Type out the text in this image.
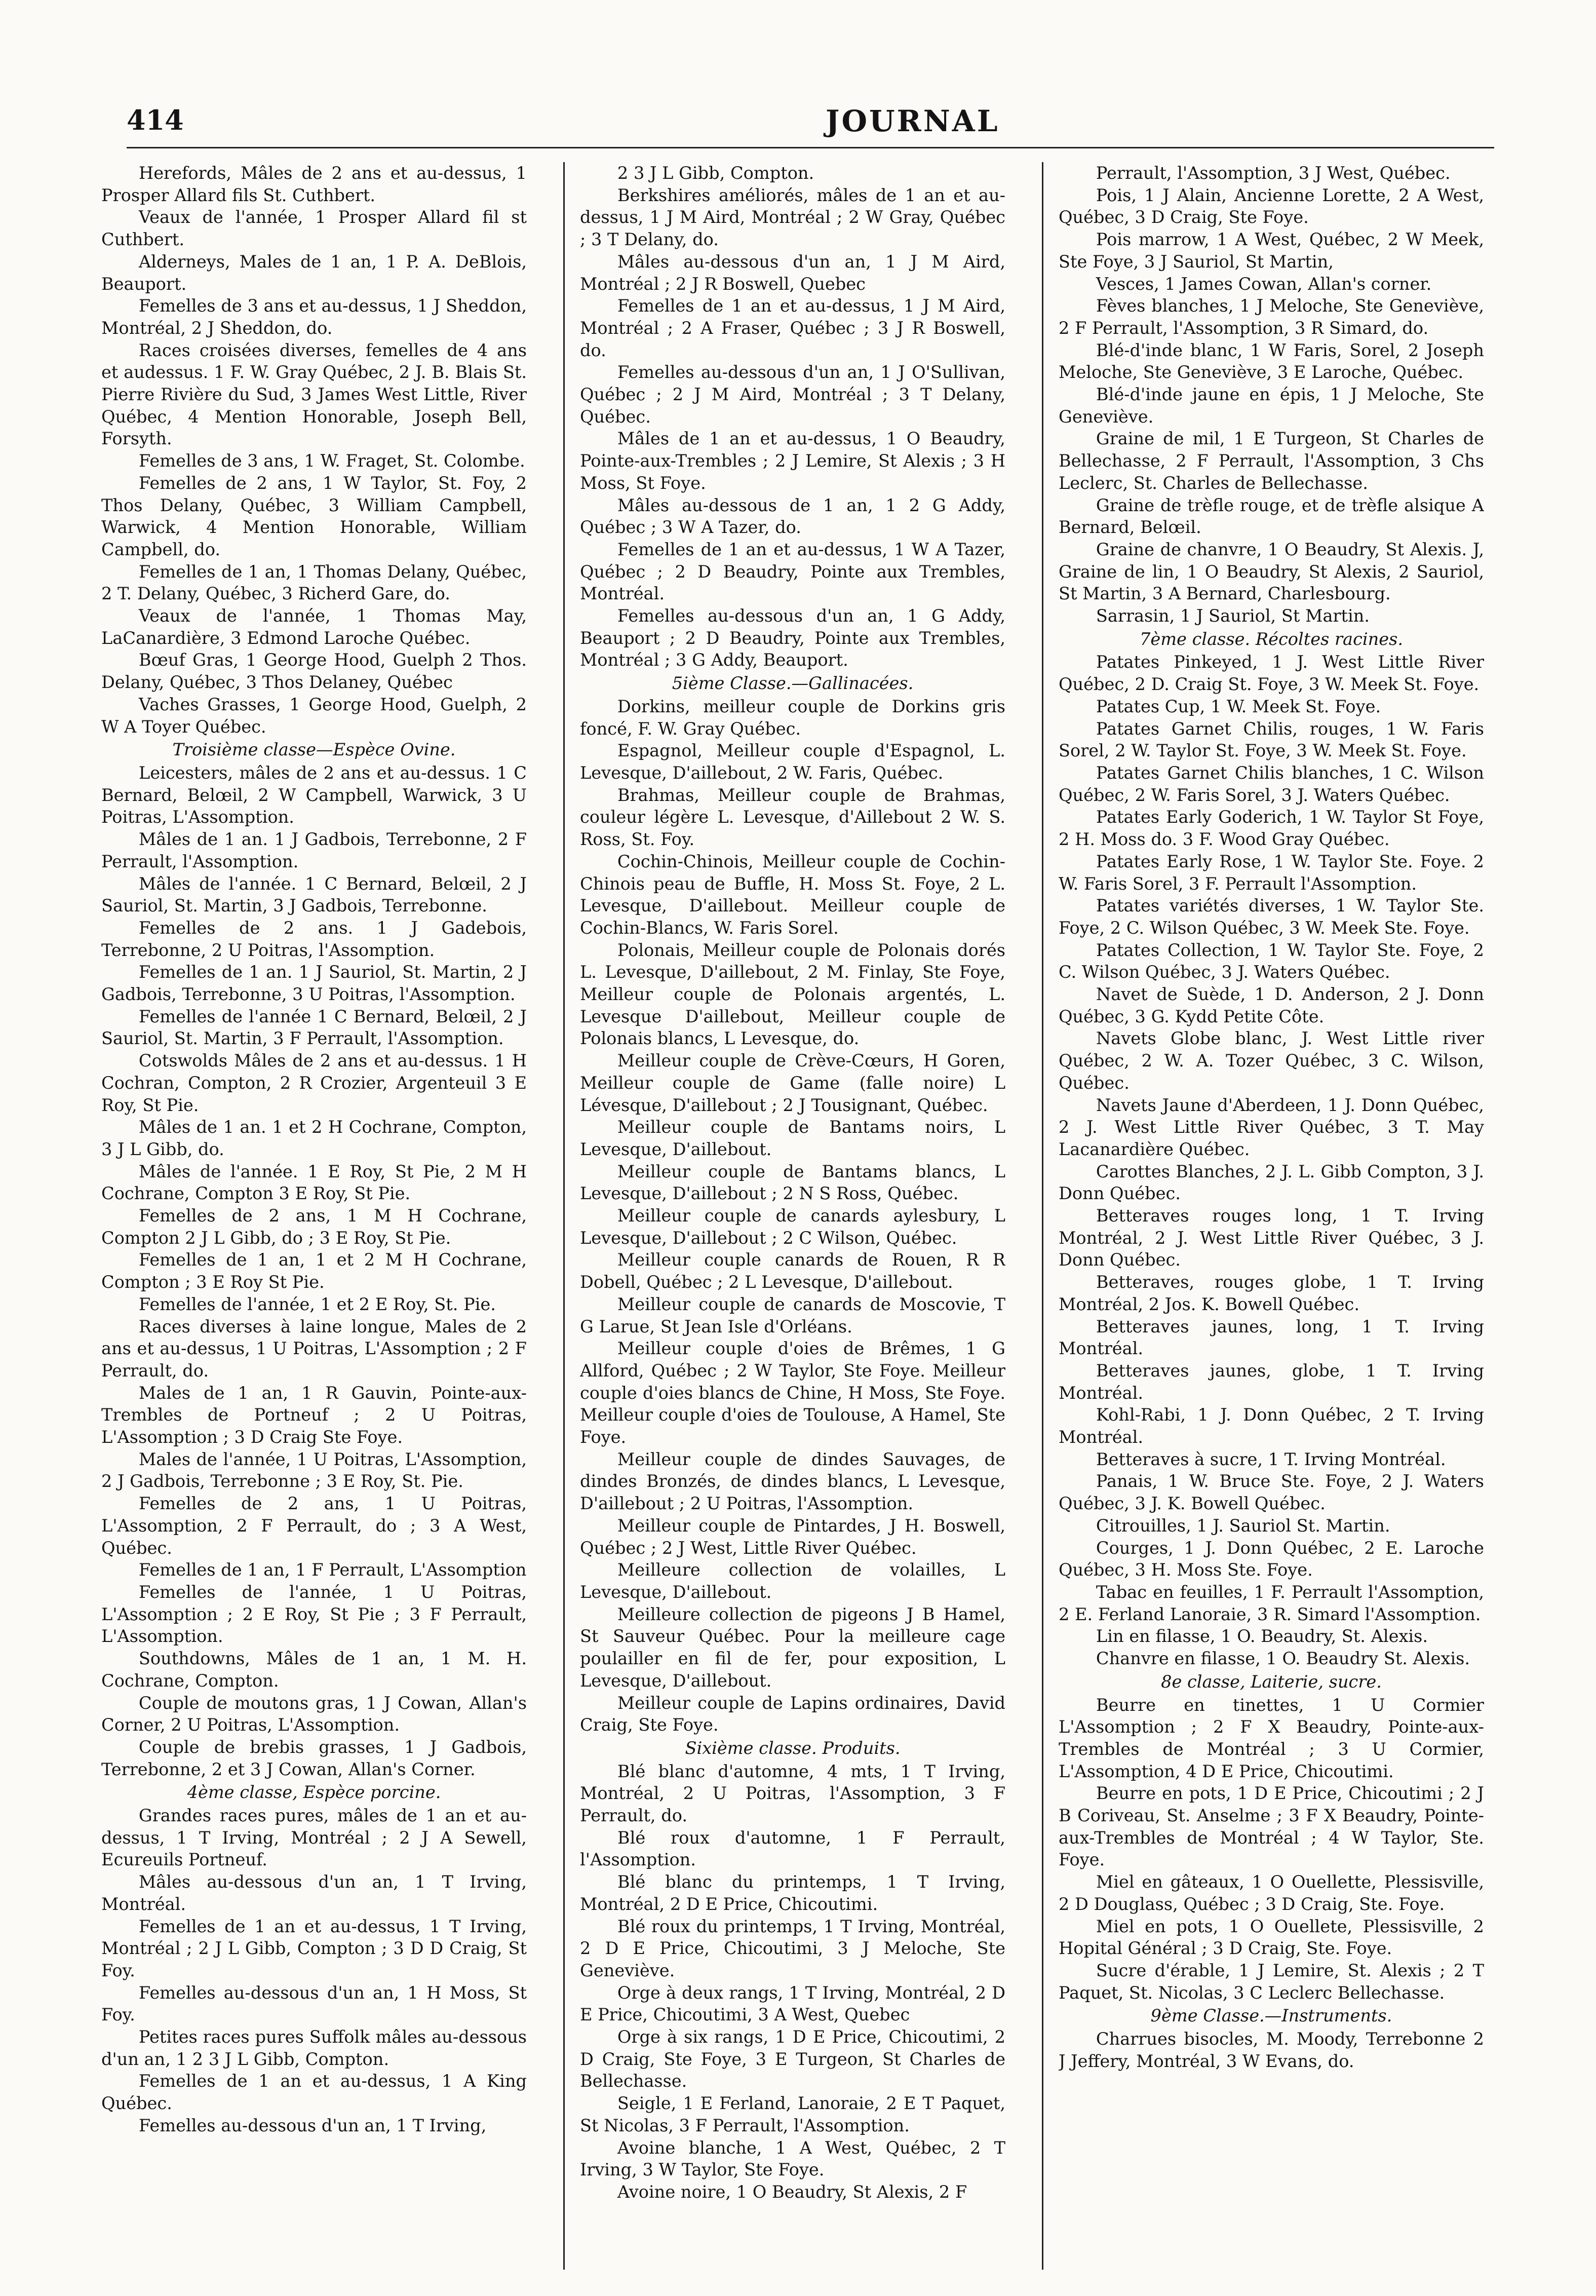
414	JOURNAL

Herefords, Mâles de 2 ans et au-dessus, 1 Prosper Allard fils St. Cuthbert.

Veaux de l'année, 1 Prosper Allard fil st Cuthbert.

Alderneys, Males de 1 an, 1 P. A. DeBlois, Beauport.

Femelles de 3 ans et au-dessus, 1 J Sheddon, Montréal, 2 J Sheddon, do.

Races croisées diverses, femelles de 4 ans et audessus. 1 F. W. Gray Québec, 2 J. B. Blais St. Pierre Rivière du Sud, 3 James West Little, River Québec, 4 Mention Honorable, Joseph Bell, Forsyth.

Femelles de 3 ans, 1 W. Fraget, St. Colombe.

Femelles de 2 ans, 1 W Taylor, St. Foy, 2 Thos Delany, Québec, 3 William Campbell, Warwick, 4 Mention Honorable, William Campbell, do.

Femelles de 1 an, 1 Thomas Delany, Québec, 2 T. Delany, Québec, 3 Richerd Gare, do.

Veaux de l'année, 1 Thomas May, LaCanardière, 3 Edmond Laroche Québec.

Bœuf Gras, 1 George Hood, Guelph 2 Thos. Delany, Québec, 3 Thos Delaney, Québec

Vaches Grasses, 1 George Hood, Guelph, 2 W A Toyer Québec.

Troisième classe—Espèce Ovine.

Leicesters, mâles de 2 ans et au-dessus. 1 C Bernard, Belœil, 2 W Campbell, Warwick, 3 U Poitras, L'Assomption.

Mâles de 1 an. 1 J Gadbois, Terrebonne, 2 F Perrault, l'Assomption.

Mâles de l'année. 1 C Bernard, Belœil, 2 J Sauriol, St. Martin, 3 J Gadbois, Terrebonne.

Femelles de 2 ans. 1 J Gadebois, Terrebonne, 2 U Poitras, l'Assomption.

Femelles de 1 an. 1 J Sauriol, St. Martin, 2 J Gadbois, Terrebonne, 3 U Poitras, l'Assomption.

Femelles de l'année 1 C Bernard, Belœil, 2 J Sauriol, St. Martin, 3 F Perrault, l'Assomption.

Cotswolds Mâles de 2 ans et au-dessus. 1 H Cochran, Compton, 2 R Crozier, Argenteuil 3 E Roy, St Pie.

Mâles de 1 an. 1 et 2 H Cochrane, Compton, 3 J L Gibb, do.

Mâles de l'année. 1 E Roy, St Pie, 2 M H Cochrane, Compton 3 E Roy, St Pie.

Femelles de 2 ans, 1 M H Cochrane, Compton 2 J L Gibb, do ; 3 E Roy, St Pie.

Femelles de 1 an, 1 et 2 M H Cochrane, Compton ; 3 E Roy St Pie.

Femelles de l'année, 1 et 2 E Roy, St. Pie.

Races diverses à laine longue, Males de 2 ans et au-dessus, 1 U Poitras, L'Assomption ; 2 F Perrault, do.

Males de 1 an, 1 R Gauvin, Pointe-aux-Trembles de Portneuf ; 2 U Poitras, L'Assomption ; 3 D Craig Ste Foye.

Males de l'année, 1 U Poitras, L'Assomption, 2 J Gadbois, Terrebonne ; 3 E Roy, St. Pie.

Femelles de 2 ans, 1 U Poitras, L'Assomption, 2 F Perrault, do ; 3 A West, Québec.

Femelles de 1 an, 1 F Perrault, L'Assomption

Femelles de l'année, 1 U Poitras, L'Assomption ; 2 E Roy, St Pie ; 3 F Perrault, L'Assomption.

Southdowns, Mâles de 1 an, 1 M. H. Cochrane, Compton.

Couple de moutons gras, 1 J Cowan, Allan's Corner, 2 U Poitras, L'Assomption.

Couple de brebis grasses, 1 J Gadbois, Terrebonne, 2 et 3 J Cowan, Allan's Corner.

4ème classe, Espèce porcine.

Grandes races pures, mâles de 1 an et au-dessus, 1 T Irving, Montréal ; 2 J A Sewell, Ecureuils Portneuf.

Mâles au-dessous d'un an, 1 T Irving, Montréal.

Femelles de 1 an et au-dessus, 1 T Irving, Montréal ; 2 J L Gibb, Compton ; 3 D D Craig, St Foy.

Femelles au-dessous d'un an, 1 H Moss, St Foy.

Petites races pures Suffolk mâles au-dessous d'un an, 1 2 3 J L Gibb, Compton.

Femelles de 1 an et au-dessus, 1 A King Québec.

Femelles au-dessous d'un an, 1 T Irving,

2 3 J L Gibb, Compton.

Berkshires améliorés, mâles de 1 an et au-dessus, 1 J M Aird, Montréal ; 2 W Gray, Québec ; 3 T Delany, do.

Mâles au-dessous d'un an, 1 J M Aird, Montréal ; 2 J R Boswell, Quebec

Femelles de 1 an et au-dessus, 1 J M Aird, Montréal ; 2 A Fraser, Québec ; 3 J R Boswell, do.

Femelles au-dessous d'un an, 1 J O'Sullivan, Québec ; 2 J M Aird, Montréal ; 3 T Delany, Québec.

Mâles de 1 an et au-dessus, 1 O Beaudry, Pointe-aux-Trembles ; 2 J Lemire, St Alexis ; 3 H Moss, St Foye.

Mâles au-dessous de 1 an, 1 2 G Addy, Québec ; 3 W A Tazer, do.

Femelles de 1 an et au-dessus, 1 W A Tazer, Québec ; 2 D Beaudry, Pointe aux Trembles, Montréal.

Femelles au-dessous d'un an, 1 G Addy, Beauport ; 2 D Beaudry, Pointe aux Trembles, Montréal ; 3 G Addy, Beauport.

5ième Classe.—Gallinacées.

Dorkins, meilleur couple de Dorkins gris foncé, F. W. Gray Québec.

Espagnol, Meilleur couple d'Espagnol, L. Levesque, D'aillebout, 2 W. Faris, Québec.

Brahmas, Meilleur couple de Brahmas, couleur légère L. Levesque, d'Aillebout 2 W. S. Ross, St. Foy.

Cochin-Chinois, Meilleur couple de Cochin-Chinois peau de Buffle, H. Moss St. Foye, 2 L. Levesque, D'aillebout. Meilleur couple de Cochin-Blancs, W. Faris Sorel.

Polonais, Meilleur couple de Polonais dorés L. Levesque, D'aillebout, 2 M. Finlay, Ste Foye, Meilleur couple de Polonais argentés, L. Levesque D'aillebout, Meilleur couple de Polonais blancs, L Levesque, do.

Meilleur couple de Crève-Cœurs, H Goren, Meilleur couple de Game (falle noire) L Lévesque, D'aillebout ; 2 J Tousignant, Québec.

Meilleur couple de Bantams noirs, L Levesque, D'aillebout.

Meilleur couple de Bantams blancs, L Levesque, D'aillebout ; 2 N S Ross, Québec.

Meilleur couple de canards aylesbury, L Levesque, D'aillebout ; 2 C Wilson, Québec.

Meilleur couple canards de Rouen, R R Dobell, Québec ; 2 L Levesque, D'aillebout.

Meilleur couple de canards de Moscovie, T G Larue, St Jean Isle d'Orléans.

Meilleur couple d'oies de Brêmes, 1 G Allford, Québec ; 2 W Taylor, Ste Foye. Meilleur couple d'oies blancs de Chine, H Moss, Ste Foye. Meilleur couple d'oies de Toulouse, A Hamel, Ste Foye.

Meilleur couple de dindes Sauvages, de dindes Bronzés, de dindes blancs, L Levesque, D'aillebout ; 2 U Poitras, l'Assomption.

Meilleur couple de Pintardes, J H. Boswell, Québec ; 2 J West, Little River Québec.

Meilleure collection de volailles, L Levesque, D'aillebout.

Meilleure collection de pigeons J B Hamel, St Sauveur Québec. Pour la meilleure cage poulailler en fil de fer, pour exposition, L Levesque, D'aillebout.

Meilleur couple de Lapins ordinaires, David Craig, Ste Foye.

Sixième classe. Produits.

Blé blanc d'automne, 4 mts, 1 T Irving, Montréal, 2 U Poitras, l'Assomption, 3 F Perrault, do.

Blé roux d'automne, 1 F Perrault, l'Assomption.

Blé blanc du printemps, 1 T Irving, Montréal, 2 D E Price, Chicoutimi.

Blé roux du printemps, 1 T Irving, Montréal, 2 D E Price, Chicoutimi, 3 J Meloche, Ste Geneviève.

Orge à deux rangs, 1 T Irving, Montréal, 2 D E Price, Chicoutimi, 3 A West, Quebec

Orge à six rangs, 1 D E Price, Chicoutimi, 2 D Craig, Ste Foye, 3 E Turgeon, St Charles de Bellechasse.

Seigle, 1 E Ferland, Lanoraie, 2 E T Paquet, St Nicolas, 3 F Perrault, l'Assomption.

Avoine blanche, 1 A West, Québec, 2 T Irving, 3 W Taylor, Ste Foye.

Avoine noire, 1 O Beaudry, St Alexis, 2 F

Perrault, l'Assomption, 3 J West, Québec.

Pois, 1 J Alain, Ancienne Lorette, 2 A West, Québec, 3 D Craig, Ste Foye.

Pois marrow, 1 A West, Québec, 2 W Meek, Ste Foye, 3 J Sauriol, St Martin,

Vesces, 1 James Cowan, Allan's corner.

Fèves blanches, 1 J Meloche, Ste Geneviève, 2 F Perrault, l'Assomption, 3 R Simard, do.

Blé-d'inde blanc, 1 W Faris, Sorel, 2 Joseph Meloche, Ste Geneviève, 3 E Laroche, Québec.

Blé-d'inde jaune en épis, 1 J Meloche, Ste Geneviève.

Graine de mil, 1 E Turgeon, St Charles de Bellechasse, 2 F Perrault, l'Assomption, 3 Chs Leclerc, St. Charles de Bellechasse.

Graine de trèfle rouge, et de trèfle alsique A Bernard, Belœil.

Graine de chanvre, 1 O Beaudry, St Alexis. J, Graine de lin, 1 O Beaudry, St Alexis, 2 Sauriol, St Martin, 3 A Bernard, Charlesbourg.

Sarrasin, 1 J Sauriol, St Martin.

7ème classe. Récoltes racines.

Patates Pinkeyed, 1 J. West Little River Québec, 2 D. Craig St. Foye, 3 W. Meek St. Foye.

Patates Cup, 1 W. Meek St. Foye.

Patates Garnet Chilis, rouges, 1 W. Faris Sorel, 2 W. Taylor St. Foye, 3 W. Meek St. Foye.

Patates Garnet Chilis blanches, 1 C. Wilson Québec, 2 W. Faris Sorel, 3 J. Waters Québec.

Patates Early Goderich, 1 W. Taylor St Foye, 2 H. Moss do. 3 F. Wood Gray Québec.

Patates Early Rose, 1 W. Taylor Ste. Foye. 2 W. Faris Sorel, 3 F. Perrault l'Assomption.

Patates variétés diverses, 1 W. Taylor Ste. Foye, 2 C. Wilson Québec, 3 W. Meek Ste. Foye.

Patates Collection, 1 W. Taylor Ste. Foye, 2 C. Wilson Québec, 3 J. Waters Québec.

Navet de Suède, 1 D. Anderson, 2 J. Donn Québec, 3 G. Kydd Petite Côte.

Navets Globe blanc, J. West Little river Québec, 2 W. A. Tozer Québec, 3 C. Wilson, Québec.

Navets Jaune d'Aberdeen, 1 J. Donn Québec, 2 J. West Little River Québec, 3 T. May Lacanardière Québec.

Carottes Blanches, 2 J. L. Gibb Compton, 3 J. Donn Québec.

Betteraves rouges long, 1 T. Irving Montréal, 2 J. West Little River Québec, 3 J. Donn Québec.

Betteraves, rouges globe, 1 T. Irving Montréal, 2 Jos. K. Bowell Québec.

Betteraves jaunes, long, 1 T. Irving Montréal.

Betteraves jaunes, globe, 1 T. Irving Montréal.

Kohl-Rabi, 1 J. Donn Québec, 2 T. Irving Montréal.

Betteraves à sucre, 1 T. Irving Montréal.

Panais, 1 W. Bruce Ste. Foye, 2 J. Waters Québec, 3 J. K. Bowell Québec.

Citrouilles, 1 J. Sauriol St. Martin.

Courges, 1 J. Donn Québec, 2 E. Laroche Québec, 3 H. Moss Ste. Foye.

Tabac en feuilles, 1 F. Perrault l'Assomption, 2 E. Ferland Lanoraie, 3 R. Simard l'Assomption.

Lin en filasse, 1 O. Beaudry, St. Alexis.

Chanvre en filasse, 1 O. Beaudry St. Alexis.

8e classe, Laiterie, sucre.

Beurre en tinettes, 1 U Cormier L'Assomption ; 2 F X Beaudry, Pointe-aux-Trembles de Montréal ; 3 U Cormier, L'Assomption, 4 D E Price, Chicoutimi.

Beurre en pots, 1 D E Price, Chicoutimi ; 2 J B Coriveau, St. Anselme ; 3 F X Beaudry, Pointe-aux-Trembles de Montréal ; 4 W Taylor, Ste. Foye.

Miel en gâteaux, 1 O Ouellette, Plessisville, 2 D Douglass, Québec ; 3 D Craig, Ste. Foye.

Miel en pots, 1 O Ouellete, Plessisville, 2 Hopital Général ; 3 D Craig, Ste. Foye.

Sucre d'érable, 1 J Lemire, St. Alexis ; 2 T Paquet, St. Nicolas, 3 C Leclerc Bellechasse.

9ème Classe.—Instruments.

Charrues bisocles, M. Moody, Terrebonne 2 J Jeffery, Montréal, 3 W Evans, do.
